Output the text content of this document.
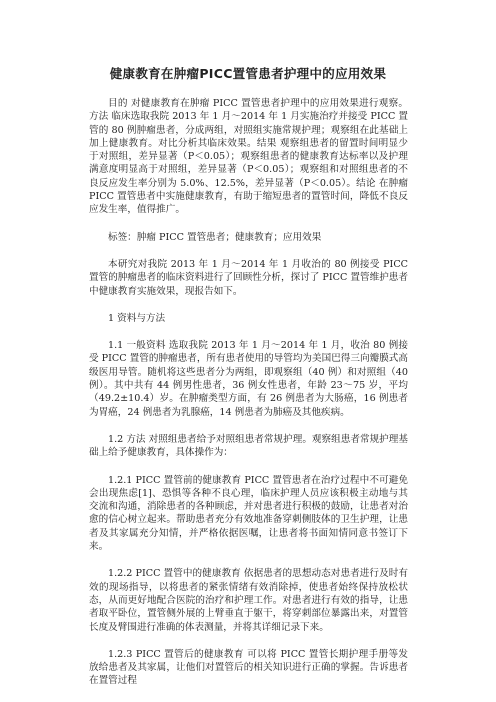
健康教育在肿瘤PICC置管患者护理中的应用效果

目的 对健康教育在肿瘤 PICC 置管患者护理中的应用效果进行观察。方法 临床选取我院 2013 年 1 月～2014 年 1 月实施治疗并接受 PICC 置管的 80 例肿瘤患者，分成两组，对照组实施常规护理；观察组在此基础上加上健康教育。对比分析其临床效果。结果 观察组患者的留置时间明显少于对照组，差异显著（P＜0.05）；观察组患者的健康教育达标率以及护理满意度明显高于对照组，差异显著（P＜0.05）；观察组和对照组患者的不良反应发生率分别为 5.0%、12.5%，差异显著（P＜0.05）。结论 在肿瘤 PICC 置管患者中实施健康教育，有助于缩短患者的置管时间，降低不良反应发生率，值得推广。

标签：肿瘤 PICC 置管患者；健康教育；应用效果

本研究对我院 2013 年 1 月～2014 年 1 月收治的 80 例接受 PICC 置管的肿瘤患者的临床资料进行了回顾性分析，探讨了 PICC 置管维护患者中健康教育实施效果，现报告如下。

1 资料与方法

1.1 一般资料 选取我院 2013 年 1 月～2014 年 1 月，收治 80 例接受 PICC 置管的肿瘤患者，所有患者使用的导管均为美国巴得三向瓣膜式高级医用导管。随机将这些患者分为两组，即观察组（40 例）和对照组（40 例）。其中共有 44 例男性患者，36 例女性患者，年龄 23～75 岁，平均（49.2±10.4）岁。在肿瘤类型方面，有 26 例患者为大肠癌，16 例患者为胃癌，24 例患者为乳腺癌，14 例患者为肺癌及其他疾病。

1.2 方法 对照组患者给予对照组患者常规护理。观察组患者常规护理基础上给予健康教育，具体操作为：

1.2.1 PICC 置管前的健康教育 PICC 置管患者在治疗过程中不可避免会出现焦虑[1]、恐惧等各种不良心理，临床护理人员应该积极主动地与其交流和沟通，消除患者的各种顾虑，并对患者进行积极的鼓励，让患者对治愈的信心树立起来。帮助患者充分有效地准备穿刺侧肢体的卫生护理，让患者及其家属充分知情，并严格依据医嘱，让患者将书面知情同意书签订下来。

1.2.2 PICC 置管中的健康教育 依据患者的思想动态对患者进行及时有效的现场指导，以将患者的紧张情绪有效消除掉，使患者始终保持放松状态，从而更好地配合医院的治疗和护理工作。对患者进行有效的指导，让患者取平卧位，置管侧外展的上臂垂直于躯干，将穿刺部位暴露出来，对置管长度及臂围进行准确的体表测量，并将其详细记录下来。

1.2.3 PICC 置管后的健康教育 可以将 PICC 置管长期护理手册等发放给患者及其家属，让他们对置管后的相关知识进行正确的掌握。告诉患者在置管过程
